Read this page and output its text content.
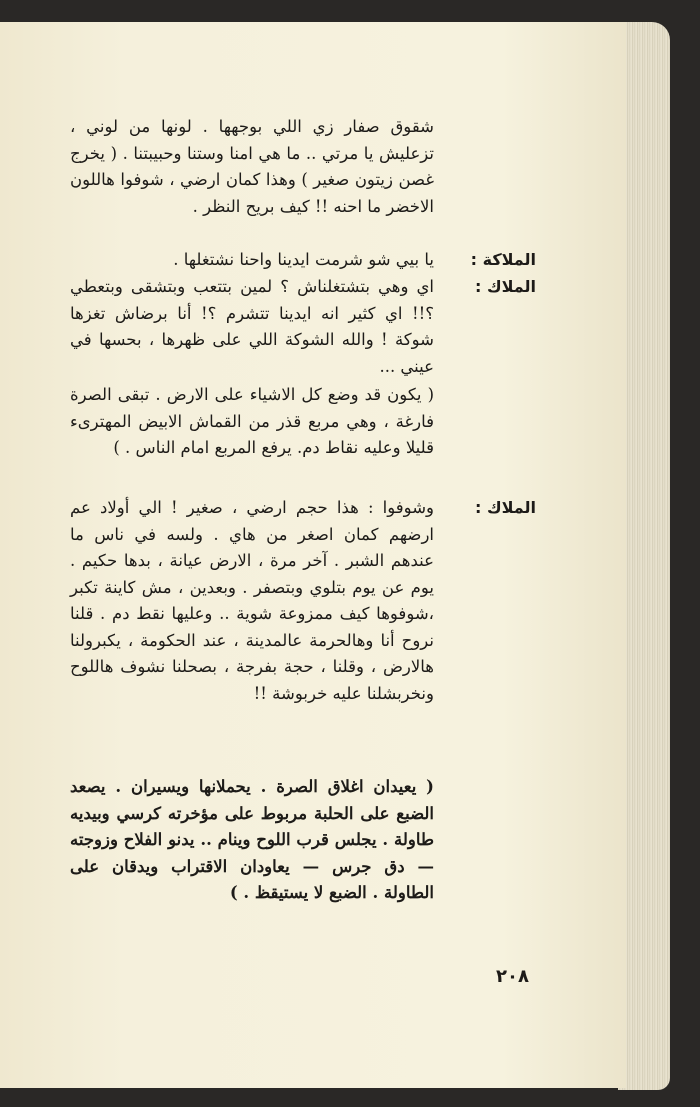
شقوق صفار زي اللي بوجهها . لونها من لوني ، تزعليش يا مرتي .. ما هي امنا وستنا وحبيبتنا . ( يخرج غصن زيتون صغير ) وهذا كمان ارضي ، شوفوا هاللون الاخضر ما احنه !! كيف بريح النظر .

الملاكة :

يا بيي شو شرمت ايدينا واحنا نشتغلها .

الملاك :

اي وهي بتشتغلناش ؟ لمين بتتعب وبتشقى وبتعطي ؟!! اي كثير انه ايدينا تتشرم ؟! أنا برضاش تغزها شوكة ! والله الشوكة اللي على ظهرها ، بحسها في عيني ...

( يكون قد وضع كل الاشياء على الارض . تبقى الصرة فارغة ، وهي مربع قذر من القماش الابيض المهترىء قليلا وعليه نقاط دم. يرفع المربع امام الناس . )

الملاك :

وشوفوا : هذا حجم ارضي ، صغير ! الي أولاد عم ارضهم كمان اصغر من هاي . ولسه في ناس ما عندهم الشبر . آخر مرة ، الارض عيانة ، بدها حكيم . يوم عن يوم بتلوي وبتصفر . وبعدين ، مش كاينة تكبر ،شوفوها كيف ممزوعة شوية .. وعليها نقط دم . قلنا نروح أنا وهالحرمة عالمدينة ، عند الحكومة ، يكبرولنا هالارض ، وقلنا ، حجة بفرجة ، بصحلنا نشوف هاللوح ونخربشلنا عليه خربوشة !!

( يعيدان اغلاق الصرة . يحملانها ويسيران . يصعد الضبع على الحلبة مربوط على مؤخرته كرسي وبيديه طاولة . يجلس قرب اللوح وينام .. يدنو الفلاح وزوجته — دق جرس — يعاودان الاقتراب ويدقان على الطاولة . الضبع لا يستيقظ . )

٢٠٨
